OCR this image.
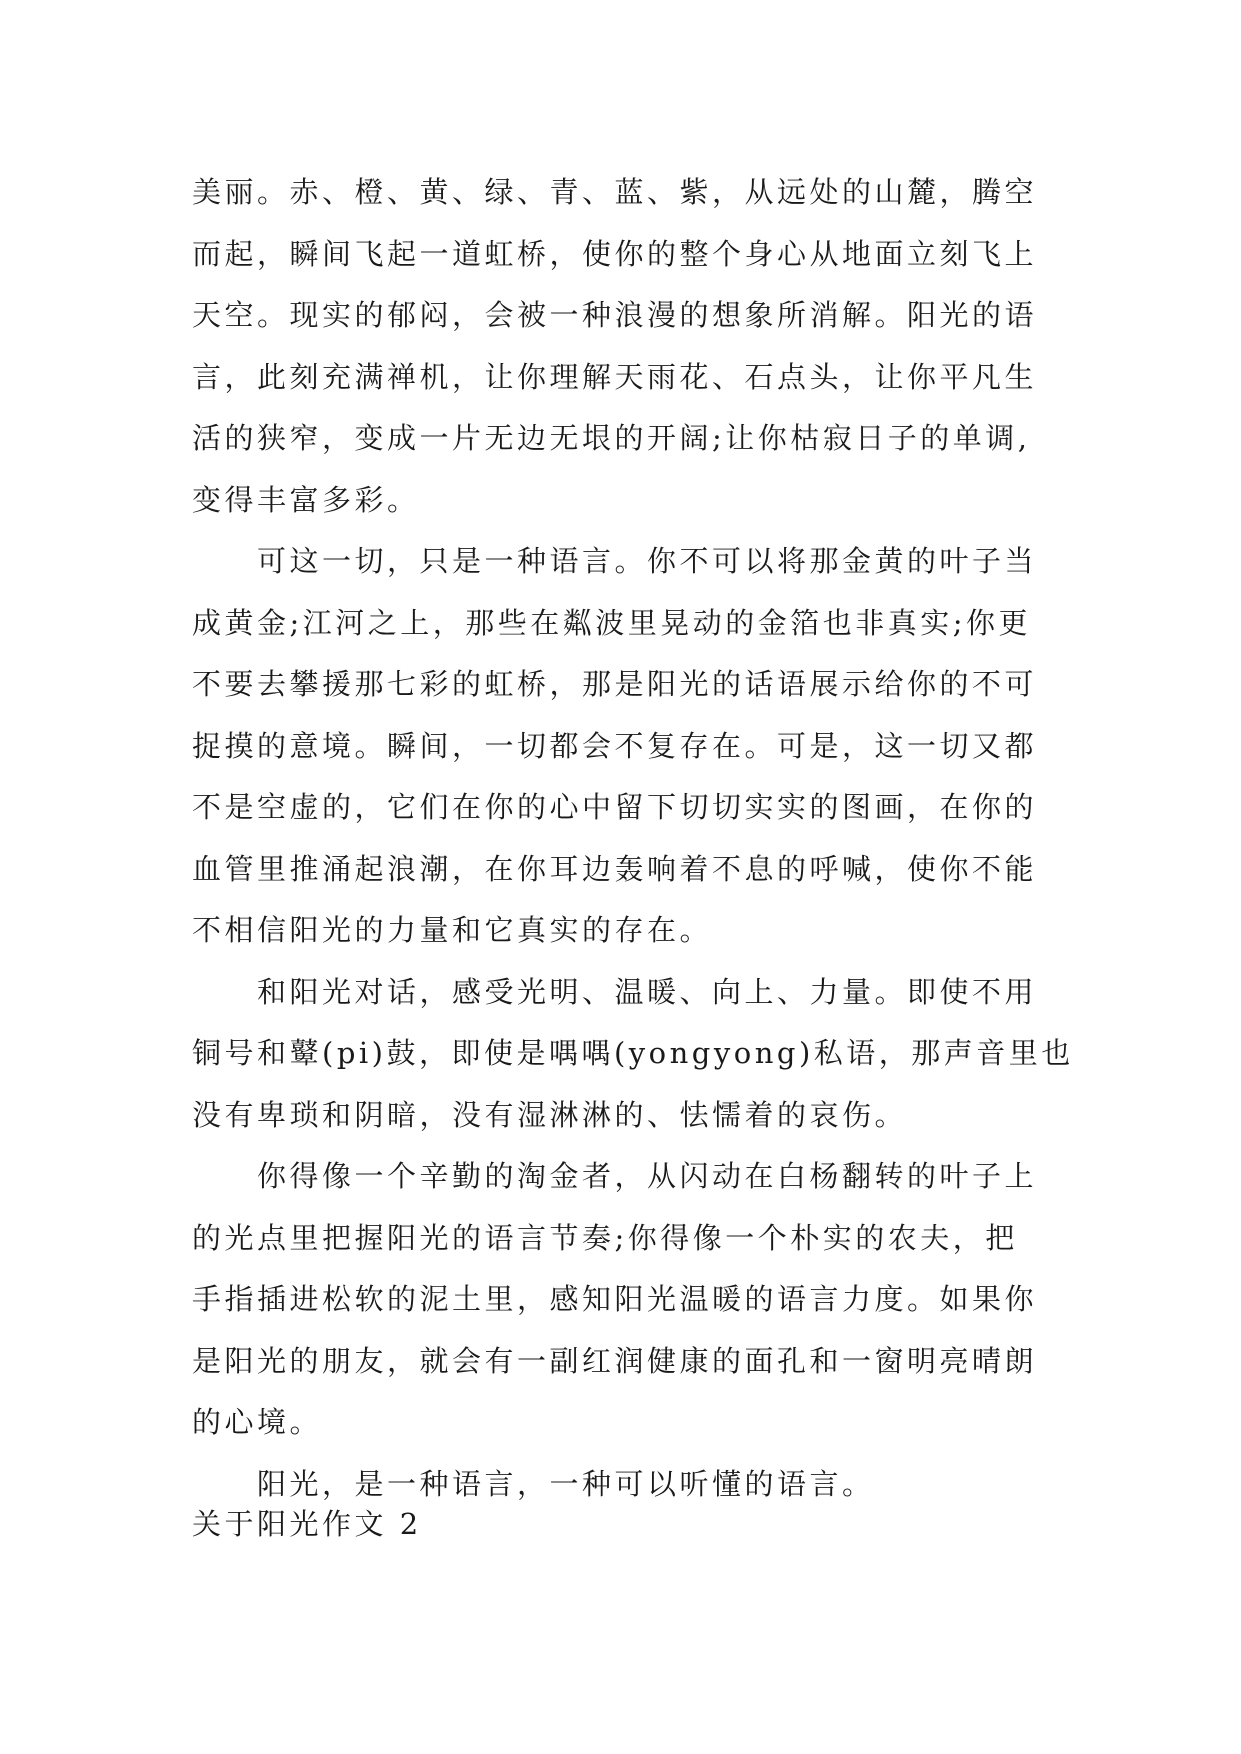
美丽。赤、橙、黄、绿、青、蓝、紫，从远处的山麓，腾空
而起，瞬间飞起一道虹桥，使你的整个身心从地面立刻飞上
天空。现实的郁闷，会被一种浪漫的想象所消解。阳光的语
言，此刻充满禅机，让你理解天雨花、石点头，让你平凡生
活的狭窄，变成一片无边无垠的开阔;让你枯寂日子的单调,
变得丰富多彩。
可这一切，只是一种语言。你不可以将那金黄的叶子当
成黄金;江河之上，那些在粼波里晃动的金箔也非真实;你更
不要去攀援那七彩的虹桥，那是阳光的话语展示给你的不可
捉摸的意境。瞬间，一切都会不复存在。可是，这一切又都
不是空虚的，它们在你的心中留下切切实实的图画，在你的
血管里推涌起浪潮，在你耳边轰响着不息的呼喊，使你不能
不相信阳光的力量和它真实的存在。
和阳光对话，感受光明、温暖、向上、力量。即使不用
铜号和鼙(pi)鼓，即使是喁喁(yongyong)私语，那声音里也
没有卑琐和阴暗，没有湿淋淋的、怯懦着的哀伤。
你得像一个辛勤的淘金者，从闪动在白杨翻转的叶子上
的光点里把握阳光的语言节奏;你得像一个朴实的农夫，把
手指插进松软的泥土里，感知阳光温暖的语言力度。如果你
是阳光的朋友，就会有一副红润健康的面孔和一窗明亮晴朗
的心境。
阳光，是一种语言，一种可以听懂的语言。
关于阳光作文 2
